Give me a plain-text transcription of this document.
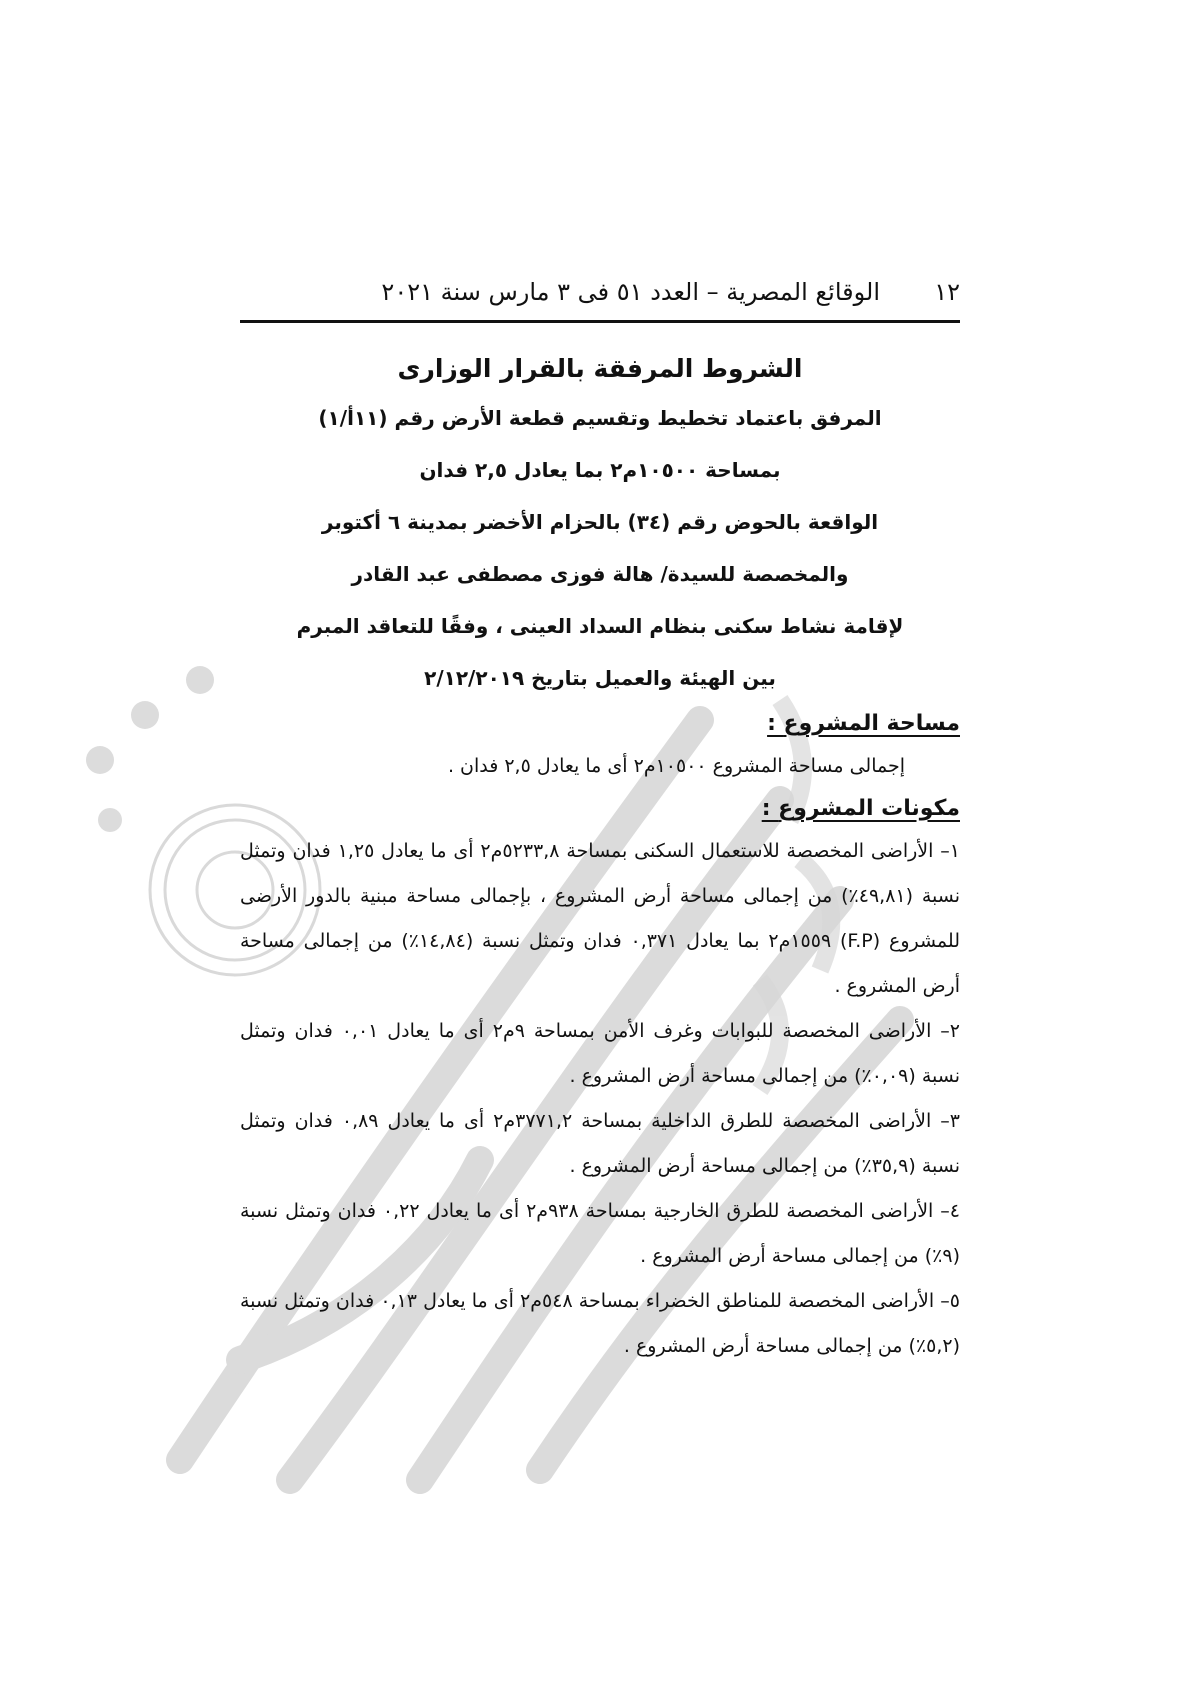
١٢
الوقائع المصرية – العدد ٥١ فى ٣ مارس سنة ٢٠٢١
الشروط المرفقة بالقرار الوزارى
المرفق باعتماد تخطيط وتقسيم قطعة الأرض رقم (١١أ/١)
بمساحة ١٠٥٠٠م٢ بما يعادل ٢,٥ فدان
الواقعة بالحوض رقم (٣٤) بالحزام الأخضر بمدينة ٦ أكتوبر
والمخصصة للسيدة/ هالة فوزى مصطفى عبد القادر
لإقامة نشاط سكنى بنظام السداد العينى ، وفقًا للتعاقد المبرم
بين الهيئة والعميل بتاريخ ٢/١٢/٢٠١٩
مساحة المشروع :
إجمالى مساحة المشروع ١٠٥٠٠م٢ أى ما يعادل ٢,٥ فدان .
مكونات المشروع :
١– الأراضى المخصصة للاستعمال السكنى بمساحة ٥٢٣٣,٨م٢ أى ما يعادل ١,٢٥ فدان وتمثل نسبة (٤٩,٨١٪) من إجمالى مساحة أرض المشروع ، بإجمالى مساحة مبنية بالدور الأرضى للمشروع (F.P) ١٥٥٩م٢ بما يعادل ٠,٣٧١ فدان وتمثل نسبة (١٤,٨٤٪) من إجمالى مساحة أرض المشروع .
٢– الأراضى المخصصة للبوابات وغرف الأمن بمساحة ٩م٢ أى ما يعادل ٠,٠١ فدان وتمثل نسبة (٠,٠٩٪) من إجمالى مساحة أرض المشروع .
٣– الأراضى المخصصة للطرق الداخلية بمساحة ٣٧٧١,٢م٢ أى ما يعادل ٠,٨٩ فدان وتمثل نسبة (٣٥,٩٪) من إجمالى مساحة أرض المشروع .
٤– الأراضى المخصصة للطرق الخارجية بمساحة ٩٣٨م٢ أى ما يعادل ٠,٢٢ فدان وتمثل نسبة (٩٪) من إجمالى مساحة أرض المشروع .
٥– الأراضى المخصصة للمناطق الخضراء بمساحة ٥٤٨م٢ أى ما يعادل ٠,١٣ فدان وتمثل نسبة (٥,٢٪) من إجمالى مساحة أرض المشروع .
